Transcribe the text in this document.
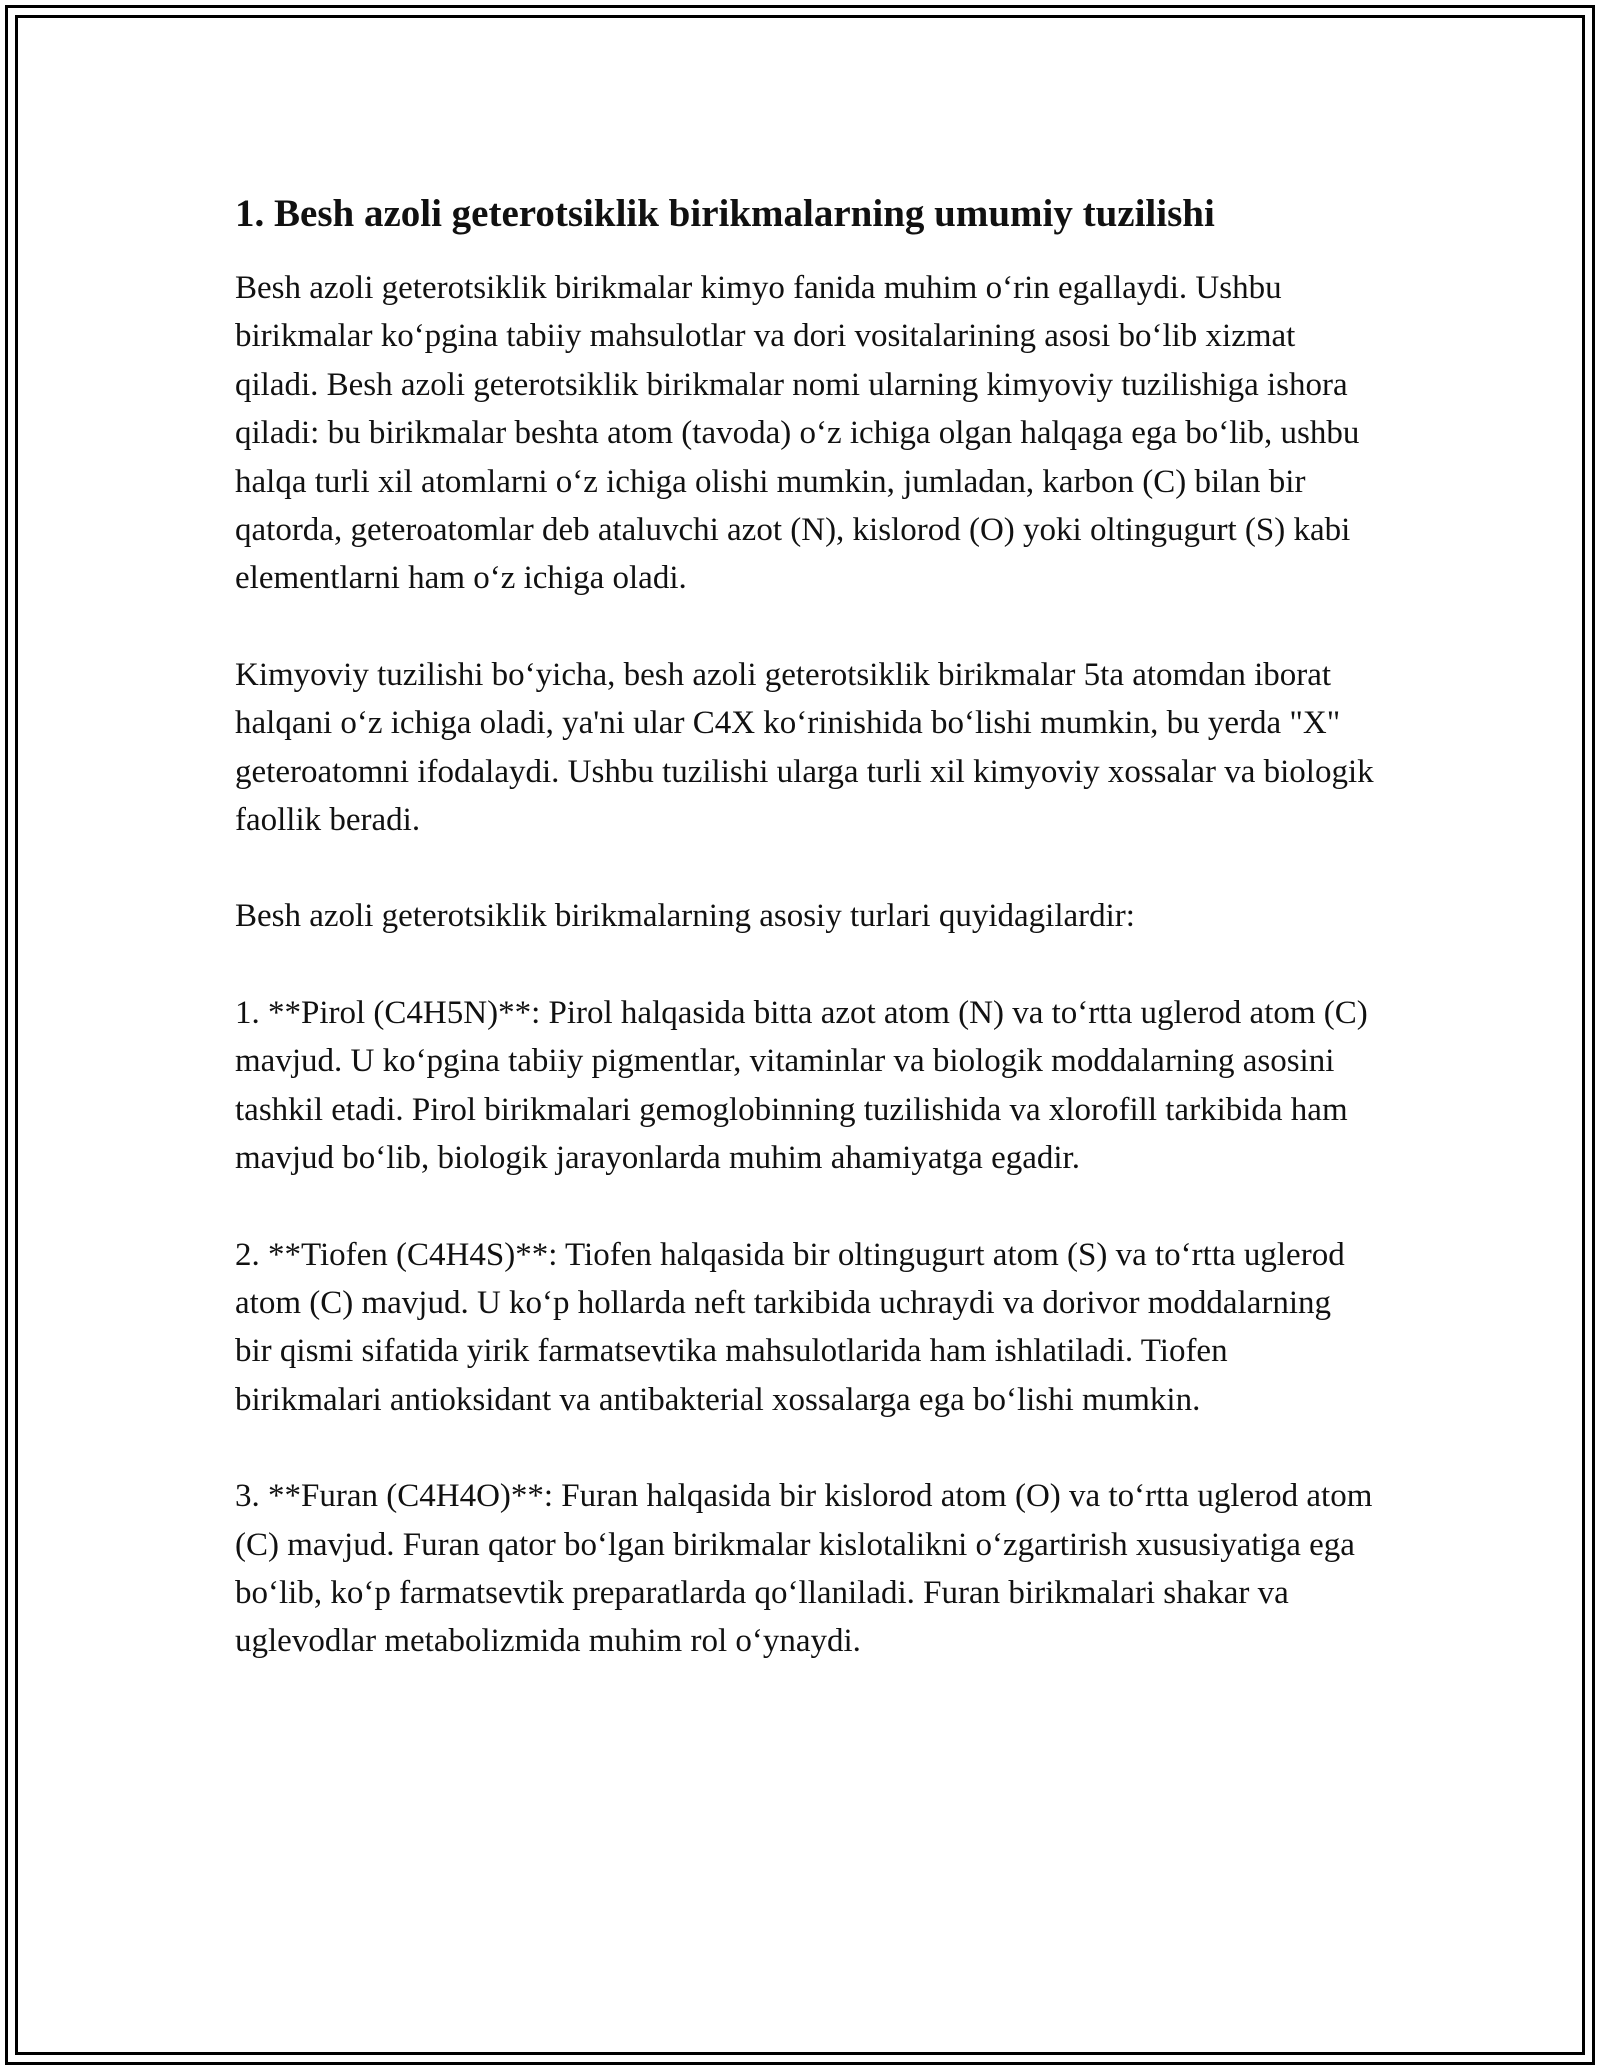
1. Besh azoli geterotsiklik birikmalarning umumiy tuzilishi

Besh azoli geterotsiklik birikmalar kimyo fanida muhim oʻrin egallaydi. Ushbu birikmalar koʻpgina tabiiy mahsulotlar va dori vositalarining asosi boʻlib xizmat qiladi. Besh azoli geterotsiklik birikmalar nomi ularning kimyoviy tuzilishiga ishora qiladi: bu birikmalar beshta atom (tavoda) oʻz ichiga olgan halqaga ega boʻlib, ushbu halqa turli xil atomlarni oʻz ichiga olishi mumkin, jumladan, karbon (C) bilan bir qatorda, geteroatomlar deb ataluvchi azot (N), kislorod (O) yoki oltingugurt (S) kabi elementlarni ham oʻz ichiga oladi.

Kimyoviy tuzilishi boʻyicha, besh azoli geterotsiklik birikmalar 5ta atomdan iborat halqani oʻz ichiga oladi, ya'ni ular C4X koʻrinishida boʻlishi mumkin, bu yerda "X" geteroatomni ifodalaydi. Ushbu tuzilishi ularga turli xil kimyoviy xossalar va biologik faollik beradi.

Besh azoli geterotsiklik birikmalarning asosiy turlari quyidagilardir:

1. **Pirol (C4H5N)**: Pirol halqasida bitta azot atom (N) va toʻrtta uglerod atom (C) mavjud. U koʻpgina tabiiy pigmentlar, vitaminlar va biologik moddalarning asosini tashkil etadi. Pirol birikmalari gemoglobinning tuzilishida va xlorofill tarkibida ham mavjud boʻlib, biologik jarayonlarda muhim ahamiyatga egadir.

2. **Tiofen (C4H4S)**: Tiofen halqasida bir oltingugurt atom (S) va toʻrtta uglerod atom (C) mavjud. U koʻp hollarda neft tarkibida uchraydi va dorivor moddalarning bir qismi sifatida yirik farmatsevtika mahsulotlarida ham ishlatiladi. Tiofen birikmalari antioksidant va antibakterial xossalarga ega boʻlishi mumkin.

3. **Furan (C4H4O)**: Furan halqasida bir kislorod atom (O) va toʻrtta uglerod atom (C) mavjud. Furan qator boʻlgan birikmalar kislotalikni oʻzgartirish xususiyatiga ega boʻlib, koʻp farmatsevtik preparatlarda qoʻllaniladi. Furan birikmalari shakar va uglevodlar metabolizmida muhim rol oʻynaydi.
